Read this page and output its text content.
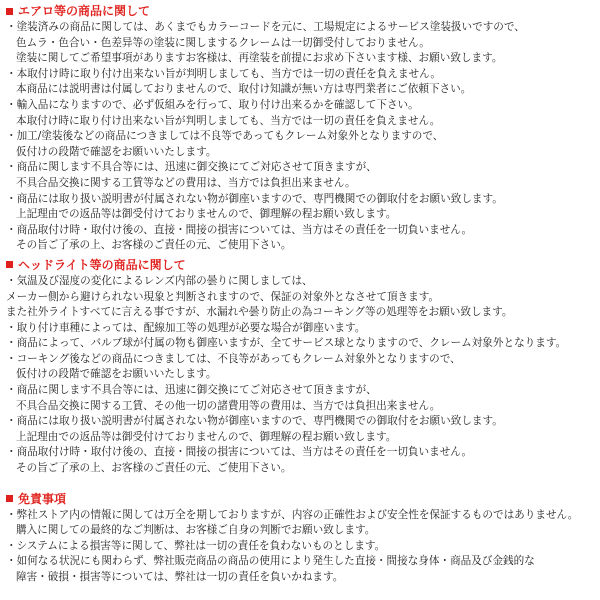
エアロ等の商品に関して
・塗装済みの商品に関しては、あくまでもカラーコードを元に、工場規定によるサービス塗装扱いですので、
色ムラ・色合い・色差异等の塗装に関しまするクレームは一切御受付しておりません。
塗装に関してご希望事項がありますお客様は、再塗装を前提にお求め下さいます様、お願い致します。
・本取付け時に取り付け出来ない旨が判明しましても、当方では一切の責任を負えません。
本商品には説明書は付属しておりませんので、取付け知識が無い方は専門業者にご依頼下さい。
・輸入品になりますので、必ず仮組みを行って、取り付け出来るかを確認して下さい。
本取付け時に取り付け出来ない旨が判明しましても、当方では一切の責任を負えません。
・加工/塗装後などの商品につきましては不良等であってもクレーム対象外となりますので、
仮付けの段階で確認をお願いいたします。
・商品に関します不具合等には、迅速に御交換にてご対応させて頂きますが、
不具合品交換に関する工賃等などの費用は、当方では負担出来ません。
・商品には取り扱い説明書が付属されない物が御座いますので、専門機関での御取付をお願い致します。
上記理由での返品等は御受付けておりませんので、御理解の程お願い致します。
・商品取付け時・取付け後の、直接・間接の損害については、当方はその責任を一切負いません。
その旨ご了承の上、お客様のご責任の元、ご使用下さい。
ヘッドライト等の商品に関して
・気温及び湿度の変化によるレンズ内部の曇りに関しましては、
メーカー側から避けられない現象と判断されますので、保証の対象外となさせて頂きます。
また社外ライトすべてに言える事ですが、水漏れや曇り防止の為コーキング等の処理等をお願い致します。
・取り付け車種によっては、配線加工等の処理が必要な場合が御座います。
・商品によって、バルブ球が付属の物も御座いますが、全てサービス球となりますので、クレーム対象外となります。
・コーキング後などの商品につきましては、不良等があってもクレーム対象外となりますので、
仮付けの段階で確認をお願いいたします。
・商品に関します不具合等には、迅速に御交換にてご対応させて頂きますが、
不具合品交換に関する工賃、その他一切の諸費用等の費用は、当方では負担出来ません。
・商品には取り扱い説明書が付属されない物が御座いますので、専門機関での御取付をお願い致します。
上記理由での返品等は御受付けておりませんので、御理解の程お願い致します。
・商品取付け時・取付け後の、直接・間接の損害については、当方はその責任を一切負いません。
その旨ご了承の上、お客様のご責任の元、ご使用下さい。
免責事項
・弊社ストア内の情報に関しては万全を期しておりますが、内容の正確性および安全性を保証するものではありません。
購入に関しての最終的なご判断は、お客様ご自身の判断でお願い致します。
・システムによる損害等に関して、弊社は一切の責任を負わないものとします。
・如何なる状況にも関わらず、弊社販売商品の商品の使用により発生した直接・間接な身体・商品及び金銭的な
障害・破損・損害等については、弊社は一切の責任を負いかねます。
